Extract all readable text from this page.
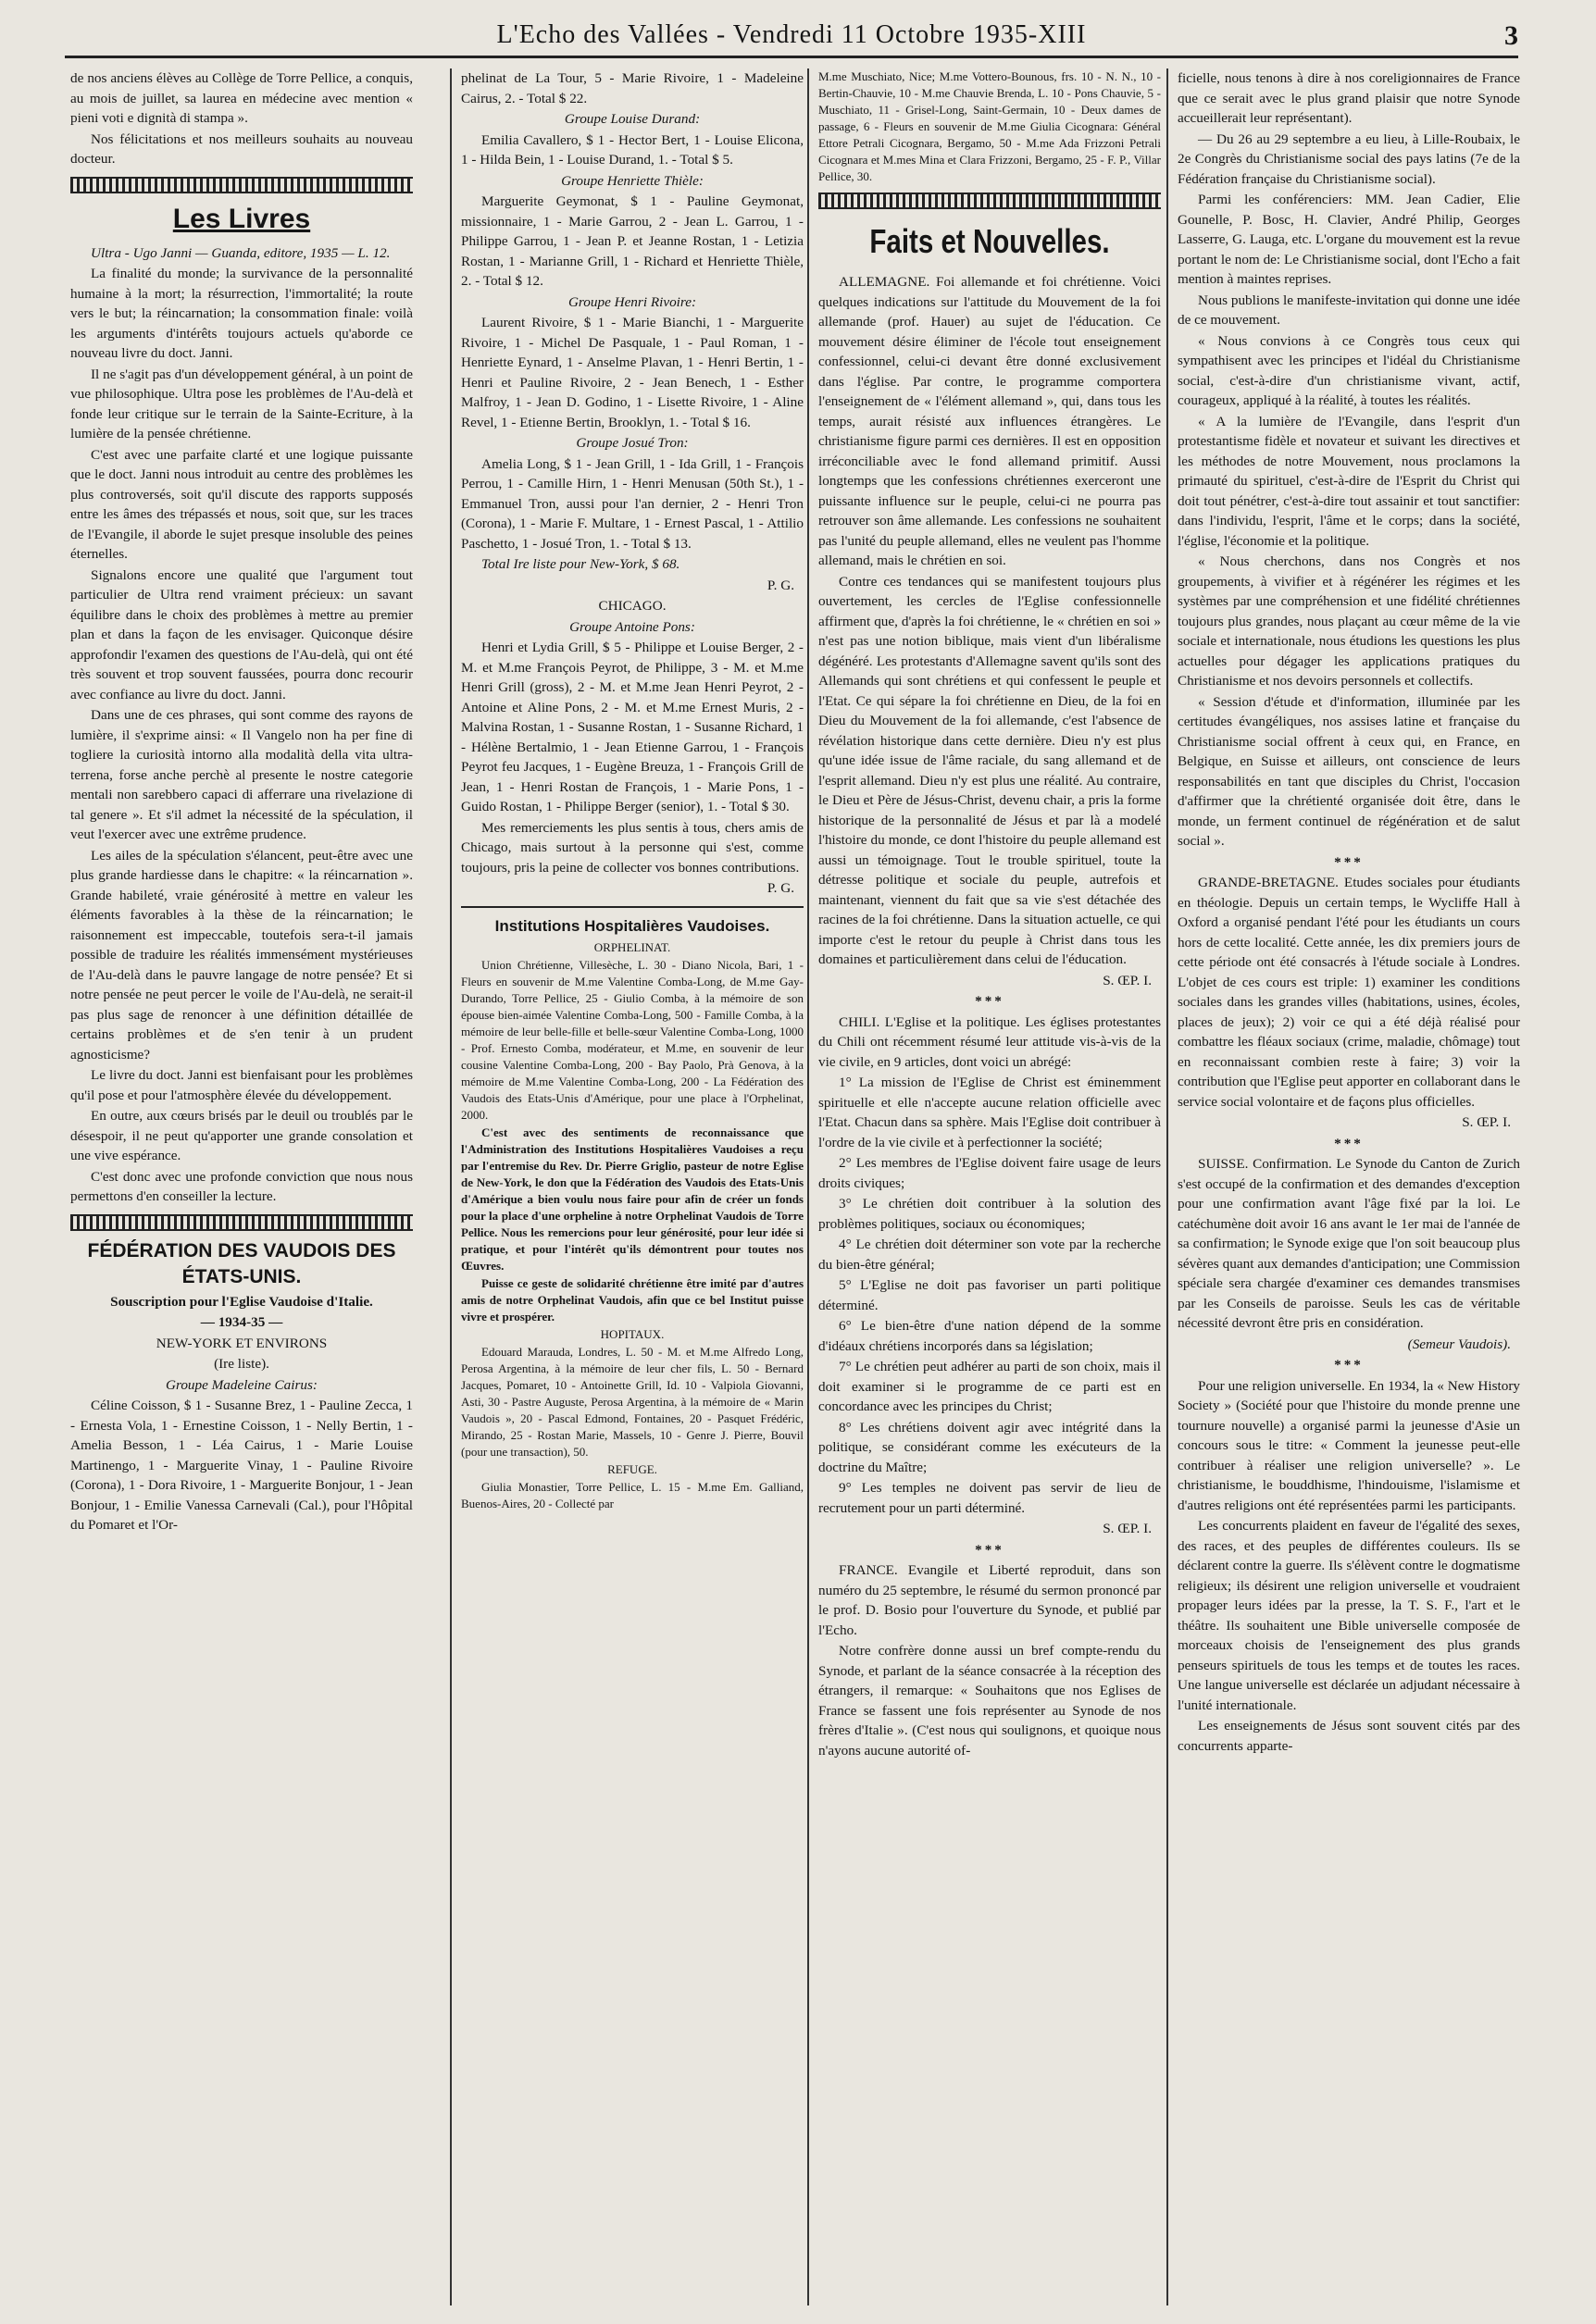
L'Echo des Vallées - Vendredi 11 Octobre 1935-XIII	3

de nos anciens élèves au Collège de Torre Pellice, a conquis, au mois de juillet, sa laurea en médecine avec mention « pieni voti e dignità di stampa ».

Nos félicitations et nos meilleurs souhaits au nouveau docteur.

Les Livres

Ultra - Ugo Janni — Guanda, editore, 1935 — L. 12.

La finalité du monde; la survivance de la personnalité humaine à la mort; la résurrection, l'immortalité; la route vers le but; la réincarnation; la consommation finale: voilà les arguments d'intérêts toujours actuels qu'aborde ce nouveau livre du doct. Janni.

Il ne s'agit pas d'un développement général, à un point de vue philosophique. Ultra pose les problèmes de l'Au-delà et fonde leur critique sur le terrain de la Sainte-Ecriture, à la lumière de la pensée chrétienne.

C'est avec une parfaite clarté et une logique puissante que le doct. Janni nous introduit au centre des problèmes les plus controversés, soit qu'il discute des rapports supposés entre les âmes des trépassés et nous, soit que, sur les traces de l'Evangile, il aborde le sujet presque insoluble des peines éternelles.

Signalons encore une qualité que l'argument tout particulier de Ultra rend vraiment précieux: un savant équilibre dans le choix des problèmes à mettre au premier plan et dans la façon de les envisager. Quiconque désire approfondir l'examen des questions de l'Au-delà, qui ont été très souvent et trop souvent faussées, pourra donc recourir avec confiance au livre du doct. Janni.

Dans une de ces phrases, qui sont comme des rayons de lumière, il s'exprime ainsi: « Il Vangelo non ha per fine di togliere la curiosità intorno alla modalità della vita ultra-terrena, forse anche perchè al presente le nostre categorie mentali non sarebbero capaci di afferrare una rivelazione di tal genere ». Et s'il admet la nécessité de la spéculation, il veut l'exercer avec une extrême prudence.

Les ailes de la spéculation s'élancent, peut-être avec une plus grande hardiesse dans le chapitre: « la réincarnation ». Grande habileté, vraie générosité à mettre en valeur les éléments favorables à la thèse de la réincarnation; le raisonnement est impeccable, toutefois sera-t-il jamais possible de traduire les réalités immensément mystérieuses de l'Au-delà dans le pauvre langage de notre pensée? Et si notre pensée ne peut percer le voile de l'Au-delà, ne serait-il pas plus sage de renoncer à une définition détaillée de certains problèmes et de s'en tenir à un prudent agnosticisme?

Le livre du doct. Janni est bienfaisant pour les problèmes qu'il pose et pour l'atmosphère élevée du développement.

En outre, aux cœurs brisés par le deuil ou troublés par le désespoir, il ne peut qu'apporter une grande consolation et une vive espérance.

C'est donc avec une profonde conviction que nous nous permettons d'en conseiller la lecture.

FÉDÉRATION DES VAUDOIS DES ÉTATS-UNIS.

Souscription pour l'Eglise Vaudoise d'Italie.

— 1934-35 —

NEW-YORK ET ENVIRONS

(Ire liste).

Groupe Madeleine Cairus:

Céline Coisson, $ 1 - Susanne Brez, 1 - Pauline Zecca, 1 - Ernesta Vola, 1 - Ernestine Coisson, 1 - Nelly Bertin, 1 - Amelia Besson, 1 - Léa Cairus, 1 - Marie Louise Martinengo, 1 - Marguerite Vinay, 1 - Pauline Rivoire (Corona), 1 - Dora Rivoire, 1 - Marguerite Bonjour, 1 - Jean Bonjour, 1 - Emilie Vanessa Carnevali (Cal.), pour l'Hôpital du Pomaret et l'Or-

phelinat de La Tour, 5 - Marie Rivoire, 1 - Madeleine Cairus, 2. - Total $ 22.

Groupe Louise Durand:

Emilia Cavallero, $ 1 - Hector Bert, 1 - Louise Elicona, 1 - Hilda Bein, 1 - Louise Durand, 1. - Total $ 5.

Groupe Henriette Thièle:

Marguerite Geymonat, $ 1 - Pauline Geymonat, missionnaire, 1 - Marie Garrou, 2 - Jean L. Garrou, 1 - Philippe Garrou, 1 - Jean P. et Jeanne Rostan, 1 - Letizia Rostan, 1 - Marianne Grill, 1 - Richard et Henriette Thièle, 2. - Total $ 12.

Groupe Henri Rivoire:

Laurent Rivoire, $ 1 - Marie Bianchi, 1 - Marguerite Rivoire, 1 - Michel De Pasquale, 1 - Paul Roman, 1 - Henriette Eynard, 1 - Anselme Plavan, 1 - Henri Bertin, 1 - Henri et Pauline Rivoire, 2 - Jean Benech, 1 - Esther Malfroy, 1 - Jean D. Godino, 1 - Lisette Rivoire, 1 - Aline Revel, 1 - Etienne Bertin, Brooklyn, 1. - Total $ 16.

Groupe Josué Tron:

Amelia Long, $ 1 - Jean Grill, 1 - Ida Grill, 1 - François Perrou, 1 - Camille Hirn, 1 - Henri Menusan (50th St.), 1 - Emmanuel Tron, aussi pour l'an dernier, 2 - Henri Tron (Corona), 1 - Marie F. Multare, 1 - Ernest Pascal, 1 - Attilio Paschetto, 1 - Josué Tron, 1. - Total $ 13.

Total Ire liste pour New-York, $ 68.

P. G.

CHICAGO.

Groupe Antoine Pons:

Henri et Lydia Grill, $ 5 - Philippe et Louise Berger, 2 - M. et M.me François Peyrot, de Philippe, 3 - M. et M.me Henri Grill (gross), 2 - M. et M.me Jean Henri Peyrot, 2 - Antoine et Aline Pons, 2 - M. et M.me Ernest Muris, 2 - Malvina Rostan, 1 - Susanne Rostan, 1 - Susanne Richard, 1 - Hélène Bertalmio, 1 - Jean Etienne Garrou, 1 - François Peyrot feu Jacques, 1 - Eugène Breuza, 1 - François Grill de Jean, 1 - Henri Rostan de François, 1 - Marie Pons, 1 - Guido Rostan, 1 - Philippe Berger (senior), 1. - Total $ 30.

Mes remerciements les plus sentis à tous, chers amis de Chicago, mais surtout à la personne qui s'est, comme toujours, pris la peine de collecter vos bonnes contributions.

P. G.

Institutions Hospitalières Vaudoises.

ORPHELINAT.

Union Chrétienne, Villesèche, L. 30 - Diano Nicola, Bari, 1 - Fleurs en souvenir de M.me Valentine Comba-Long, de M.me Gay-Durando, Torre Pellice, 25 - Giulio Comba, à la mémoire de son épouse bien-aimée Valentine Comba-Long, 500 - Famille Comba, à la mémoire de leur belle-fille et belle-sœur Valentine Comba-Long, 1000 - Prof. Ernesto Comba, modérateur, et M.me, en souvenir de leur cousine Valentine Comba-Long, 200 - Bay Paolo, Prà Genova, à la mémoire de M.me Valentine Comba-Long, 200 - La Fédération des Vaudois des Etats-Unis d'Amérique, pour une place à l'Orphelinat, 2000.

C'est avec des sentiments de reconnaissance que l'Administration des Institutions Hospitalières Vaudoises a reçu par l'entremise du Rev. Dr. Pierre Griglio, pasteur de notre Eglise de New-York, le don que la Fédération des Vaudois des Etats-Unis d'Amérique a bien voulu nous faire pour afin de créer un fonds pour la place d'une orpheline à notre Orphelinat Vaudois de Torre Pellice. Nous les remercions pour leur générosité, pour leur idée si pratique, et pour l'intérêt qu'ils démontrent pour toutes nos Œuvres.

Puisse ce geste de solidarité chrétienne être imité par d'autres amis de notre Orphelinat Vaudois, afin que ce bel Institut puisse vivre et prospérer.

HOPITAUX.

Edouard Marauda, Londres, L. 50 - M. et M.me Alfredo Long, Perosa Argentina, à la mémoire de leur cher fils, L. 50 - Bernard Jacques, Pomaret, 10 - Antoinette Grill, Id. 10 - Valpiola Giovanni, Asti, 30 - Pastre Auguste, Perosa Argentina, à la mémoire de « Marin Vaudois », 20 - Pascal Edmond, Fontaines, 20 - Pasquet Frédéric, Mirando, 25 - Rostan Marie, Massels, 10 - Genre J. Pierre, Bouvil (pour une transaction), 50.

REFUGE.

Giulia Monastier, Torre Pellice, L. 15 - M.me Em. Galliand, Buenos-Aires, 20 - Collecté par

M.me Muschiato, Nice; M.me Vottero-Bounous, frs. 10 - N. N., 10 - Bertin-Chauvie, 10 - M.me Chauvie Brenda, L. 10 - Pons Chauvie, 5 - Muschiato, 11 - Grisel-Long, Saint-Germain, 10 - Deux dames de passage, 6 - Fleurs en souvenir de M.me Giulia Cicognara: Général Ettore Petrali Cicognara, Bergamo, 50 - M.me Ada Frizzoni Petrali Cicognara et M.mes Mina et Clara Frizzoni, Bergamo, 25 - F. P., Villar Pellice, 30.

Faits et Nouvelles.

ALLEMAGNE. Foi allemande et foi chrétienne. Voici quelques indications sur l'attitude du Mouvement de la foi allemande (prof. Hauer) au sujet de l'éducation. Ce mouvement désire éliminer de l'école tout enseignement confessionnel, celui-ci devant être donné exclusivement dans l'église. Par contre, le programme comportera l'enseignement de « l'élément allemand », qui, dans tous les temps, aurait résisté aux influences étrangères. Le christianisme figure parmi ces dernières. Il est en opposition irréconciliable avec le fond allemand primitif. Aussi longtemps que les confessions chrétiennes exerceront une puissante influence sur le peuple, celui-ci ne pourra pas retrouver son âme allemande. Les confessions ne souhaitent pas l'unité du peuple allemand, elles ne veulent pas l'homme allemand, mais le chrétien en soi.

Contre ces tendances qui se manifestent toujours plus ouvertement, les cercles de l'Eglise confessionnelle affirment que, d'après la foi chrétienne, le « chrétien en soi » n'est pas une notion biblique, mais vient d'un libéralisme dégénéré. Les protestants d'Allemagne savent qu'ils sont des Allemands qui sont chrétiens et qui confessent le peuple et l'Etat. Ce qui sépare la foi chrétienne en Dieu, de la foi en Dieu du Mouvement de la foi allemande, c'est l'absence de révélation historique dans cette dernière. Dieu n'y est plus qu'une idée issue de l'âme raciale, du sang allemand et de l'esprit allemand. Dieu n'y est plus une réalité. Au contraire, le Dieu et Père de Jésus-Christ, devenu chair, a pris la forme historique de la personnalité de Jésus et par là a modelé l'histoire du monde, ce dont l'histoire du peuple allemand est aussi un témoignage. Tout le trouble spirituel, toute la détresse politique et sociale du peuple, autrefois et maintenant, viennent du fait que sa vie s'est détachée des racines de la foi chrétienne. Dans la situation actuelle, ce qui importe c'est le retour du peuple à Christ dans tous les domaines et particulièrement dans celui de l'éducation.

S. ŒP. I.

***

CHILI. L'Eglise et la politique. Les églises protestantes du Chili ont récemment résumé leur attitude vis-à-vis de la vie civile, en 9 articles, dont voici un abrégé:

1° La mission de l'Eglise de Christ est éminemment spirituelle et elle n'accepte aucune relation officielle avec l'Etat. Chacun dans sa sphère. Mais l'Eglise doit contribuer à l'ordre de la vie civile et à perfectionner la société;

2° Les membres de l'Eglise doivent faire usage de leurs droits civiques;

3° Le chrétien doit contribuer à la solution des problèmes politiques, sociaux ou économiques;

4° Le chrétien doit déterminer son vote par la recherche du bien-être général;

5° L'Eglise ne doit pas favoriser un parti politique déterminé.

6° Le bien-être d'une nation dépend de la somme d'idéaux chrétiens incorporés dans sa législation;

7° Le chrétien peut adhérer au parti de son choix, mais il doit examiner si le programme de ce parti est en concordance avec les principes du Christ;

8° Les chrétiens doivent agir avec intégrité dans la politique, se considérant comme les exécuteurs de la doctrine du Maître;

9° Les temples ne doivent pas servir de lieu de recrutement pour un parti déterminé.

S. ŒP. I.

***

FRANCE. Evangile et Liberté reproduit, dans son numéro du 25 septembre, le résumé du sermon prononcé par le prof. D. Bosio pour l'ouverture du Synode, et publié par l'Echo.

Notre confrère donne aussi un bref compte-rendu du Synode, et parlant de la séance consacrée à la réception des étrangers, il remarque: « Souhaitons que nos Eglises de France se fassent une fois représenter au Synode de nos frères d'Italie ». (C'est nous qui soulignons, et quoique nous n'ayons aucune autorité of-

ficielle, nous tenons à dire à nos coreligionnaires de France que ce serait avec le plus grand plaisir que notre Synode accueillerait leur représentant).

— Du 26 au 29 septembre a eu lieu, à Lille-Roubaix, le 2e Congrès du Christianisme social des pays latins (7e de la Fédération française du Christianisme social).

Parmi les conférenciers: MM. Jean Cadier, Elie Gounelle, P. Bosc, H. Clavier, André Philip, Georges Lasserre, G. Lauga, etc. L'organe du mouvement est la revue portant le nom de: Le Christianisme social, dont l'Echo a fait mention à maintes reprises.

Nous publions le manifeste-invitation qui donne une idée de ce mouvement.

« Nous convions à ce Congrès tous ceux qui sympathisent avec les principes et l'idéal du Christianisme social, c'est-à-dire d'un christianisme vivant, actif, courageux, appliqué à la réalité, à toutes les réalités.

« A la lumière de l'Evangile, dans l'esprit d'un protestantisme fidèle et novateur et suivant les directives et les méthodes de notre Mouvement, nous proclamons la primauté du spirituel, c'est-à-dire de l'Esprit du Christ qui doit tout pénétrer, c'est-à-dire tout assainir et tout sanctifier: dans l'individu, l'esprit, l'âme et le corps; dans la société, l'église, l'économie et la politique.

« Nous cherchons, dans nos Congrès et nos groupements, à vivifier et à régénérer les régimes et les systèmes par une compréhension et une fidélité chrétiennes toujours plus grandes, nous plaçant au cœur même de la vie sociale et internationale, nous étudions les questions les plus actuelles pour dégager les applications pratiques du Christianisme et nos devoirs personnels et collectifs.

« Session d'étude et d'information, illuminée par les certitudes évangéliques, nos assises latine et française du Christianisme social offrent à ceux qui, en France, en Belgique, en Suisse et ailleurs, ont conscience de leurs responsabilités en tant que disciples du Christ, l'occasion d'affirmer que la chrétienté organisée doit être, dans le monde, un ferment continuel de régénération et de salut social ».

***

GRANDE-BRETAGNE. Etudes sociales pour étudiants en théologie. Depuis un certain temps, le Wycliffe Hall à Oxford a organisé pendant l'été pour les étudiants un cours hors de cette localité. Cette année, les dix premiers jours de cette période ont été consacrés à l'étude sociale à Londres. L'objet de ces cours est triple: 1) examiner les conditions sociales dans les grandes villes (habitations, usines, écoles, places de jeux); 2) voir ce qui a été déjà réalisé pour combattre les fléaux sociaux (crime, maladie, chômage) tout en reconnaissant combien reste à faire; 3) voir la contribution que l'Eglise peut apporter en collaborant dans le service social volontaire et de façons plus officielles.

S. ŒP. I.

***

SUISSE. Confirmation. Le Synode du Canton de Zurich s'est occupé de la confirmation et des demandes d'exception pour une confirmation avant l'âge fixé par la loi. Le catéchumène doit avoir 16 ans avant le 1er mai de l'année de sa confirmation; le Synode exige que l'on soit beaucoup plus sévères quant aux demandes d'anticipation; une Commission spéciale sera chargée d'examiner ces demandes transmises par les Conseils de paroisse. Seuls les cas de véritable nécessité devront être pris en considération.

(Semeur Vaudois).

***

Pour une religion universelle. En 1934, la « New History Society » (Société pour que l'histoire du monde prenne une tournure nouvelle) a organisé parmi la jeunesse d'Asie un concours sous le titre: « Comment la jeunesse peut-elle contribuer à réaliser une religion universelle? ». Le christianisme, le bouddhisme, l'hindouisme, l'islamisme et d'autres religions ont été représentées parmi les participants.

Les concurrents plaident en faveur de l'égalité des sexes, des races, et des peuples de différentes couleurs. Ils se déclarent contre la guerre. Ils s'élèvent contre le dogmatisme religieux; ils désirent une religion universelle et voudraient propager leurs idées par la presse, la T. S. F., l'art et le théâtre. Ils souhaitent une Bible universelle composée de morceaux choisis de l'enseignement des plus grands penseurs spirituels de tous les temps et de toutes les races. Une langue universelle est déclarée un adjudant nécessaire à l'unité internationale.

Les enseignements de Jésus sont souvent cités par des concurrents apparte-
